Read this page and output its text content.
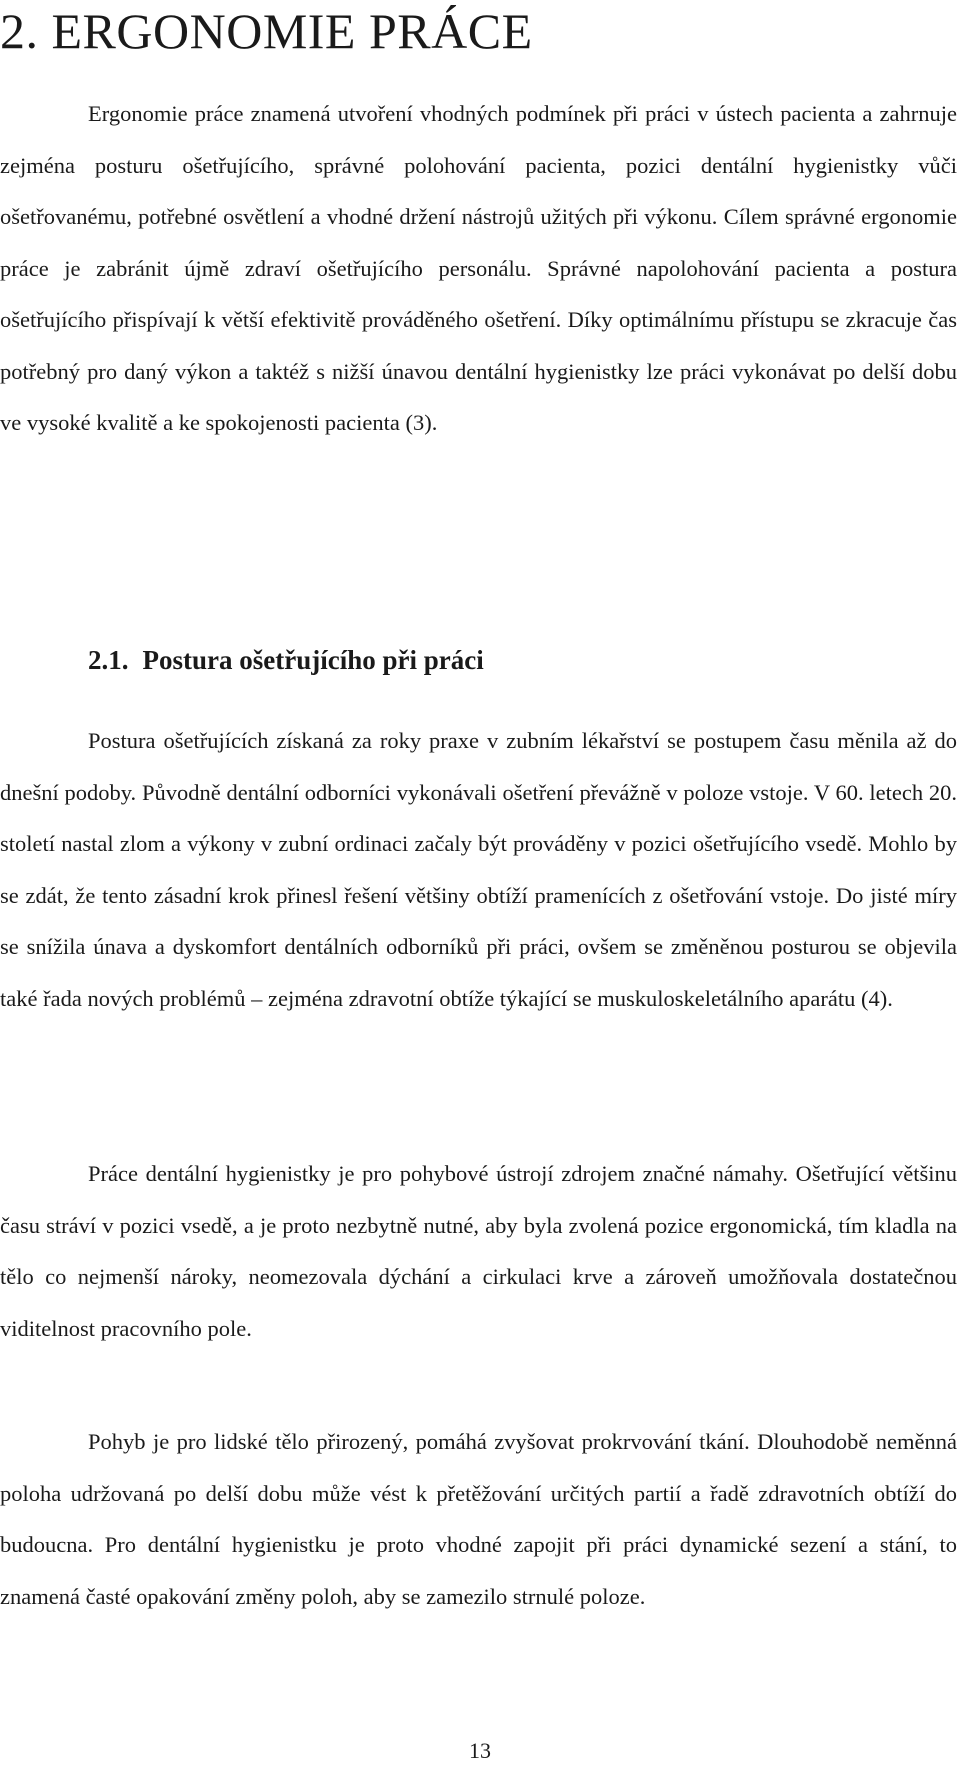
2. ERGONOMIE PRÁCE

Ergonomie práce znamená utvoření vhodných podmínek při práci v ústech pacienta a zahrnuje zejména posturu ošetřujícího, správné polohování pacienta, pozici dentální hygienistky vůči ošetřovanému, potřebné osvětlení a vhodné držení nástrojů užitých při výkonu. Cílem správné ergonomie práce je zabránit újmě zdraví ošetřujícího personálu. Správné napolohování pacienta a postura ošetřujícího přispívají k větší efektivitě prováděného ošetření. Díky optimálnímu přístupu se zkracuje čas potřebný pro daný výkon a taktéž s nižší únavou dentální hygienistky lze práci vykonávat po delší dobu ve vysoké kvalitě a ke spokojenosti pacienta (3).

2.1. Postura ošetřujícího při práci

Postura ošetřujících získaná za roky praxe v zubním lékařství se postupem času měnila až do dnešní podoby. Původně dentální odborníci vykonávali ošetření převážně v poloze vstoje. V 60. letech 20. století nastal zlom a výkony v zubní ordinaci začaly být prováděny v pozici ošetřujícího vsedě. Mohlo by se zdát, že tento zásadní krok přinesl řešení většiny obtíží pramenících z ošetřování vstoje. Do jisté míry se snížila únava a dyskomfort dentálních odborníků při práci, ovšem se změněnou posturou se objevila také řada nových problémů – zejména zdravotní obtíže týkající se muskuloskeletálního aparátu (4).

Práce dentální hygienistky je pro pohybové ústrojí zdrojem značné námahy. Ošetřující většinu času stráví v pozici vsedě, a je proto nezbytně nutné, aby byla zvolená pozice ergonomická, tím kladla na tělo co nejmenší nároky, neomezovala dýchání a cirkulaci krve a zároveň umožňovala dostatečnou viditelnost pracovního pole.

Pohyb je pro lidské tělo přirozený, pomáhá zvyšovat prokrvování tkání. Dlouhodobě neměnná poloha udržovaná po delší dobu může vést k přetěžování určitých partií a řadě zdravotních obtíží do budoucna. Pro dentální hygienistku je proto vhodné zapojit při práci dynamické sezení a stání, to znamená časté opakování změny poloh, aby se zamezilo strnulé poloze.

13
